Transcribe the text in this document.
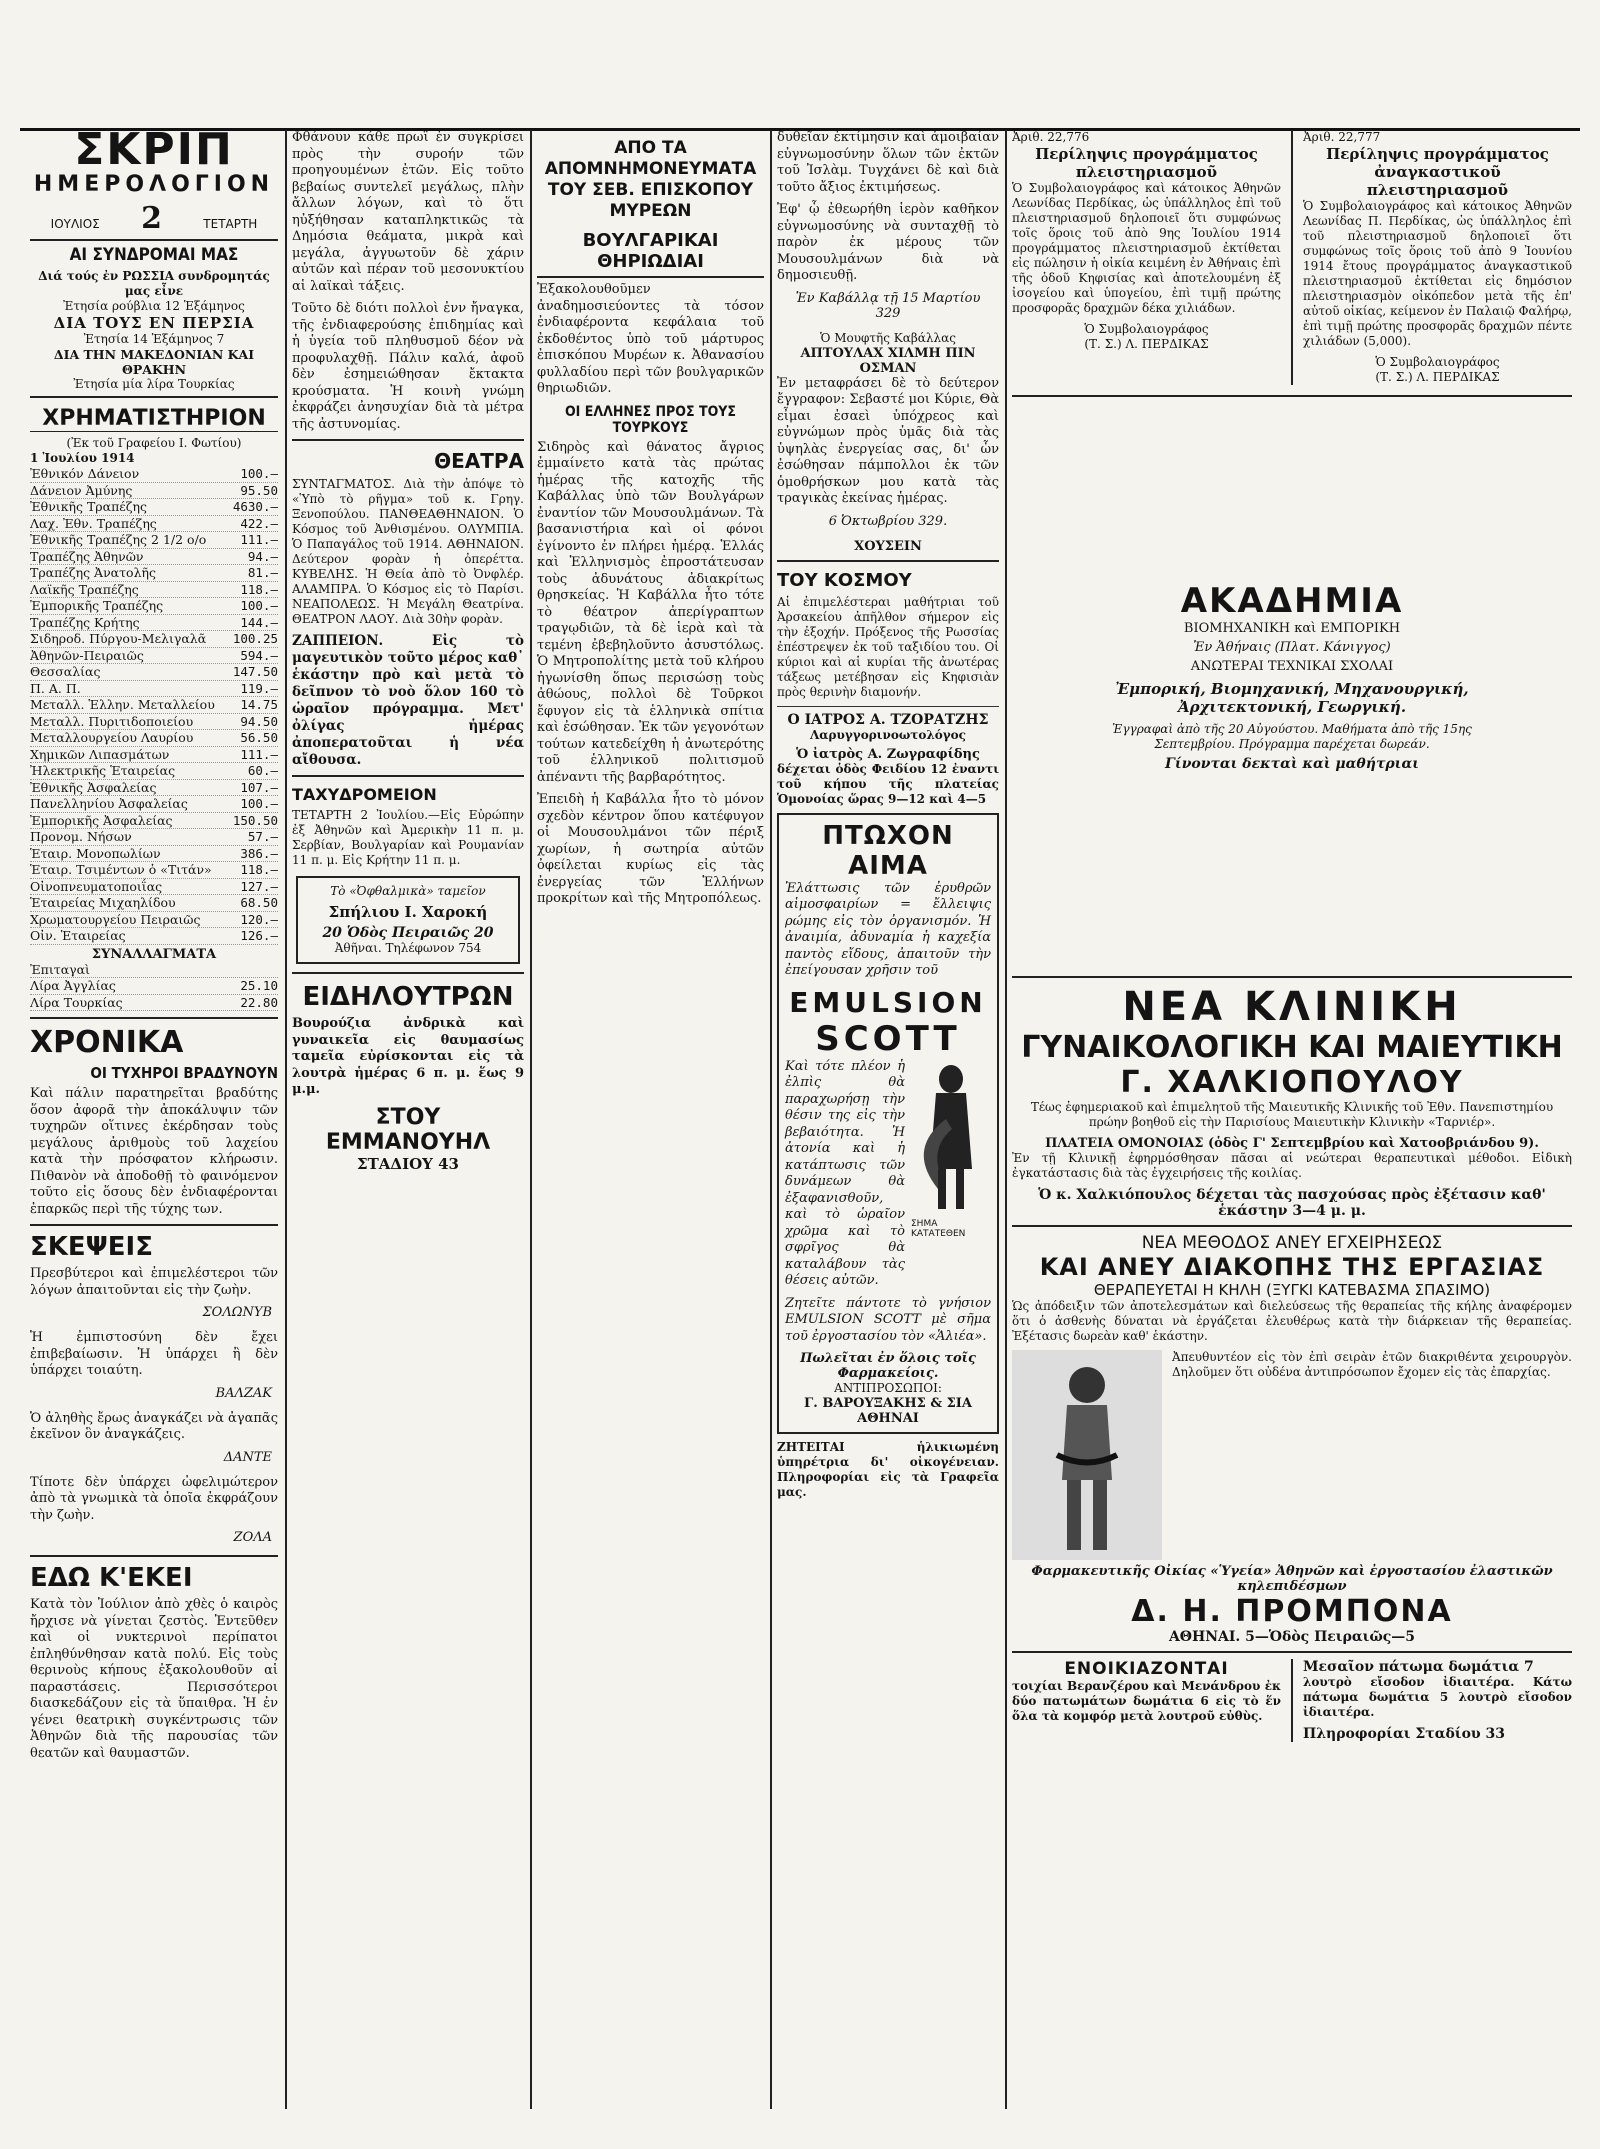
ΣΚΡΙΠ
ΗΜΕΡΟΛΟΓΙΟΝ
ΙΟΥΛΙΟΣ 2	ΤΕΤΑΡΤΗ
ΑΙ ΣΥΝΔΡΟΜΑΙ ΜΑΣ
Διά τούς ἐν ΡΩΣΣΙΑ συνδρομητάς μας εἶνε
Ἐτησία ρούβλια 12 Ἑξάμηνος
ΔΙΑ ΤΟΥΣ ΕΝ ΠΕΡΣΙΑ
Ἐτησία 14 Ἑξάμηνος 7
ΔΙΑ ΤΗΝ ΜΑΚΕΔΟΝΙΑΝ ΚΑΙ ΘΡΑΚΗΝ
Ἐτησία μία λίρα Τουρκίας
ΧΡΗΜΑΤΙΣΤΗΡΙΟΝ
(Ἐκ τοῦ Γραφείου Ι. Φωτίου)
1 Ἰουλίου 1914
Ἐθνικόν Δάνειον	100.—
Δάνειον Ἀμύνης	95.50
Ἐθνικῆς Τραπέζης	4630.—
Λαχ. Ἐθν. Τραπέζης	422.—
Ἐθνικῆς Τραπέζης 2 1/2 o/o	111.—
Τραπέζης Ἀθηνῶν	94.—
Τραπέζης Ἀνατολῆς	81.—
Λαϊκῆς Τραπέζης	118.—
Ἐμπορικῆς Τραπέζης	100.—
Τραπέζης Κρήτης	144.—
Σιδηροδ. Πύργου-Μελιγαλᾶ 100.25
Ἀθηνῶν-Πειραιῶς	594.—
Θεσσαλίας	147.50
Π. Α. Π.	119.—
Μεταλλ. Ἑλλην. Μεταλλείου 14.75
Μεταλλ. Πυριτιδοποιείου	94.50
Μεταλλουργείου Λαυρίου	56.50
Χημικῶν Λιπασμάτων	111.—
Ἠλεκτρικῆς Ἑταιρείας	60.—
Ἐθνικῆς Ἀσφαλείας	107.—
Πανελληνίου Ἀσφαλείας	100.—
Ἐμπορικῆς Ἀσφαλείας	150.50
Προνομ. Νήσων	57.—
Ἑταιρ. Μονοπωλίων	386.—
Ἑταιρ. Τσιμέντων ὁ «Τιτάν» 118.—
Οἰνοπνευματοποιΐας	127.—
Ἑταιρείας Μιχαηλίδου	68.50
Χρωματουργείου Πειραιῶς	120.—
Οἰν. Ἑταιρείας	126.—
ΣΥΝΑΛΛΑΓΜΑΤΑ
Ἐπιταγαὶ
Λίρα Ἀγγλίας	25.10
Λίρα Τουρκίας	22.80
ΧΡΟΝΙΚΑ
ΟΙ ΤΥΧΗΡΟΙ ΒΡΑΔΥΝΟΥΝ

Καὶ πάλιν παρατηρεῖται βραδύτης ὅσον ἀφορᾶ τὴν ἀποκάλυψιν τῶν τυχηρῶν οἵτινες ἐκέρδησαν τοὺς μεγάλους ἀριθμοὺς τοῦ λαχείου κατὰ τὴν πρόσφατον κλήρωσιν. Πιθανὸν νὰ ἀποδοθῇ τὸ φαινόμενον τοῦτο εἰς ὅσους δὲν ἐνδιαφέρονται ἐπαρκῶς περὶ τῆς τύχης των.

ΣΚΕΨΕΙΣ

Πρεσβύτεροι καὶ ἐπιμελέστεροι τῶν λόγων ἀπαιτοῦνται εἰς τὴν ζωὴν.

ΣΟΛΩΝΥΒ

Ἡ ἐμπιστοσύνη δὲν ἔχει ἐπιβεβαίωσιν. Ἡ ὑπάρχει ἢ δὲν ὑπάρχει τοιαύτη.

ΒΑΛΖΑΚ

Ὁ ἀληθὴς ἔρως ἀναγκάζει νὰ ἀγαπᾶς ἐκεῖνον ὃν ἀναγκάζεις.

ΔΑΝΤΕ

Τίποτε δὲν ὑπάρχει ὠφελιμώτερον ἀπὸ τὰ γνωμικὰ τὰ ὁποῖα ἐκφράζουν τὴν ζωὴν.

ΖΟΛΑ
ΕΔΩ Κ'ΕΚΕΙ

Κατὰ τὸν Ἰούλιον ἀπὸ χθὲς ὁ καιρὸς ἤρχισε νὰ γίνεται ζεστὸς. Ἐντεῦθεν καὶ οἱ νυκτερινοὶ περίπατοι ἐπληθύνθησαν κατὰ πολύ. Εἰς τοὺς θερινοὺς κήπους ἐξακολουθοῦν αἱ παραστάσεις. Περισσότεροι διασκεδάζουν εἰς τὰ ὕπαιθρα. Ἡ ἐν γένει θεατρικὴ συγκέντρωσις τῶν Ἀθηνῶν διὰ τῆς παρουσίας τῶν θεατῶν καὶ θαυμαστῶν.

Φθάνουν κάθε πρωΐ ἐν συγκρίσει πρὸς τὴν συροήν τῶν προηγουμένων ἐτῶν. Εἰς τοῦτο βεβαίως συντελεῖ μεγάλως, πλὴν ἄλλων λόγων, καὶ τὸ ὅτι ηὐξήθησαν καταπληκτικῶς τὰ Δημόσια θεάματα, μικρὰ καὶ μεγάλα, ἀγγυωτοῦν δὲ χάριν αὐτῶν καὶ πέραν τοῦ μεσονυκτίου αἱ λαϊκαὶ τάξεις.

Τοῦτο δὲ διότι πολλοὶ ἐνν ἤναγκα, τῆς ἐνδιαφερούσης ἐπιδημίας καὶ ἡ ὑγεία τοῦ πληθυσμοῦ δέον νὰ προφυλαχθῇ. Πάλιν καλά, ἀφοῦ δὲν ἐσημειώθησαν ἔκτακτα κρούσματα. Ἡ κοινὴ γνώμη ἐκφράζει ἀνησυχίαν διὰ τὰ μέτρα τῆς ἀστυνομίας.

ΘΕΑΤΡΑ

ΣΥΝΤΑΓΜΑΤΟΣ. Διὰ τὴν ἀπόψε τὸ «Ὑπὸ τὸ ρῆγμα» τοῦ κ. Γρηγ. Ξενοπούλου. ΠΑΝΘΕΑΘΗΝΑΙΟΝ. Ὁ Κόσμος τοῦ Ἀνθισμένου. ΟΛΥΜΠΙΑ. Ὁ Παπαγάλος τοῦ 1914. ΑΘΗΝΑΙΟΝ. Δεύτερον φορὰν ἡ ὀπερέττα. ΚΥΒΕΛΗΣ. Ἡ Θεία ἀπὸ τὸ Ὀνφλέρ. ΑΛΑΜΠΡΑ. Ὁ Κόσμος εἰς τὸ Παρίσι. ΝΕΑΠΟΛΕΩΣ. Ἡ Μεγάλη Θεατρίνα. ΘΕΑΤΡΟΝ ΛΑΟΥ. Διὰ 30ὴν φορὰν.

ΖΑΠΠΕΙΟΝ. Εἰς τὸ μαγευτικὸν τοῦτο μέρος καθ᾽ ἑκάστην πρὸ καὶ μετὰ τὸ δεῖπνον τὸ νοὸ ὅλον 160 τὸ ὡραῖον πρόγραμμα. Μετ' ὀλίγας ἡμέρας ἀποπερατοῦται ἡ νέα αἴθουσα.

ΤΑΧΥΔΡΟΜΕΙΟΝ

ΤΕΤΑΡΤΗ 2 Ἰουλίου.—Εἰς Εὐρώπην ἐξ Ἀθηνῶν καὶ Ἀμερικὴν 11 π. μ. Σερβίαν, Βουλγαρίαν καὶ Ρουμανίαν 11 π. μ. Εἰς Κρήτην 11 π. μ.

Τὸ «Ὀφθαλμικὰ» ταμεῖον
Σπήλιου Ι. Χαροκή
20 Ὁδὸς Πειραιῶς 20
Ἀθῆναι. Τηλέφωνον 754
ΕΙΔΗΛΟΥΤΡΩΝ

Βουρούζια ἀνδρικὰ καὶ γυναικεῖα εἰς θαυμασίως ταμεῖα εὐρίσκονται εἰς τὰ λουτρὰ ἡμέρας 6 π. μ. ἕως 9 μ.μ.

ΣΤΟΥ ΕΜΜΑΝΟΥΗΛ
ΣΤΑΔΙΟΥ 43
ΑΠΟ ΤΑ ΑΠΟΜΝΗΜΟΝΕΥΜΑΤΑ ΤΟΥ ΣΕΒ. ΕΠΙΣΚΟΠΟΥ ΜΥΡΕΩΝ
ΒΟΥΛΓΑΡΙΚΑΙ ΘΗΡΙΩΔΙΑΙ

Ἐξακολουθοῦμεν ἀναδημοσιεύοντες τὰ τόσον ἐνδιαφέροντα κεφάλαια τοῦ ἐκδοθέντος ὑπὸ τοῦ μάρτυρος ἐπισκόπου Μυρέων κ. Ἀθανασίου φυλλαδίου περὶ τῶν βουλγαρικῶν θηριωδιῶν.

ΟΙ ΕΛΛΗΝΕΣ ΠΡΟΣ ΤΟΥΣ ΤΟΥΡΚΟΥΣ

Σιδηρὸς καὶ θάνατος ἄγριος ἐμμαίνετο κατὰ τὰς πρώτας ἡμέρας τῆς κατοχῆς τῆς Καβάλλας ὑπὸ τῶν Βουλγάρων ἐναντίον τῶν Μουσουλμάνων. Τὰ βασανιστήρια καὶ οἱ φόνοι ἐγίνοντο ἐν πλήρει ἡμέρᾳ. Ἑλλάς καὶ Ἑλληνισμὸς ἐπροστάτευσαν τοὺς ἀδυνάτους ἀδιακρίτως θρησκείας. Ἡ Καβάλλα ἦτο τότε τὸ θέατρον ἀπερίγραπτων τραγῳδιῶν, τὰ δὲ ἱερὰ καὶ τὰ τεμένη ἐβεβηλοῦντο ἀσυστόλως. Ὁ Μητροπολίτης μετὰ τοῦ κλήρου ἠγωνίσθη ὅπως περισώσῃ τοὺς ἀθώους, πολλοὶ δὲ Τοῦρκοι ἔφυγον εἰς τὰ ἑλληνικὰ σπίτια καὶ ἐσώθησαν. Ἐκ τῶν γεγονότων τούτων κατεδείχθη ἡ ἀνωτερότης τοῦ ἑλληνικοῦ πολιτισμοῦ ἀπέναντι τῆς βαρβαρότητος.

Ἐπειδὴ ἡ Καβάλλα ἦτο τὸ μόνον σχεδὸν κέντρον ὅπου κατέφυγον οἱ Μουσουλμάνοι τῶν πέριξ χωρίων, ἡ σωτηρία αὐτῶν ὀφείλεται κυρίως εἰς τὰς ἐνεργείας τῶν Ἑλλήνων προκρίτων καὶ τῆς Μητροπόλεως.

δυθεῖαν ἐκτίμησιν καὶ ἀμοιβαίαν εὐγνωμοσύνην ὅλων τῶν ἐκτῶν τοῦ Ἰσλὰμ. Τυγχάνει δὲ καὶ διὰ τοῦτο ἄξιος ἐκτιμήσεως.

Ἐφ' ᾧ ἐθεωρήθη ἱερὸν καθῆκον εὐγνωμοσύνης νὰ συνταχθῇ τὸ παρὸν ἐκ μέρους τῶν Μουσουλμάνων διὰ νὰ δημοσιευθῇ.

Ἐν Καβάλλᾳ τῇ 15 Μαρτίου 329
Ὁ Μουφτῆς Καβάλλας
ΑΠΤΟΥΛΑΧ ΧΙΛΜΗ ΠΙΝ ΟΣΜΑΝ

Ἐν μεταφράσει δὲ τὸ δεύτερον ἔγγραφον: Σεβαστέ μοι Κύριε, Θὰ εἶμαι ἐσαεὶ ὑπόχρεος καὶ εὐγνώμων πρὸς ὑμᾶς διὰ τὰς ὑψηλὰς ἐνεργείας σας, δι' ὧν ἐσώθησαν πάμπολλοι ἐκ τῶν ὁμοθρήσκων μου κατὰ τὰς τραγικὰς ἐκείνας ἡμέρας.

6 Ὀκτωβρίου 329.
ΧΟΥΣΕΙΝ
ΤΟΥ ΚΟΣΜΟΥ

Αἱ ἐπιμελέστεραι μαθήτριαι τοῦ Ἀρσακείου ἀπῆλθον σήμερον εἰς τὴν ἐξοχήν. Πρόξενος τῆς Ρωσσίας ἐπέστρεψεν ἐκ τοῦ ταξιδίου του. Οἱ κύριοι καὶ αἱ κυρίαι τῆς ἀνωτέρας τάξεως μετέβησαν εἰς Κηφισιὰν πρὸς θερινὴν διαμονήν.

Ο ΙΑΤΡΟΣ Α. ΤΖΟΡΑΤΖΗΣ
Λαρυγγορινοωτολόγος
Ὁ ἰατρὸς Α. Ζωγραφίδης

δέχεται ὁδὸς Φειδίου 12 ἐναντι τοῦ κήπου τῆς πλατείας Ὁμονοίας ὥρας 9—12 καὶ 4—5

ΠΤΩΧΟΝ ΑΙΜΑ

Ἐλάττωσις τῶν ἐρυθρῶν αἱμοσφαιρίων = ἔλλειψις ρώμης εἰς τὸν ὀργανισμόν. Ἡ ἀναιμία, ἀδυναμία ἡ καχεξία παντὸς εἴδους, ἀπαιτοῦν τὴν ἐπείγουσαν χρῆσιν τοῦ

EMULSION
SCOTT

Καὶ τότε πλέον ἡ ἐλπὶς θὰ παραχωρήσῃ τὴν θέσιν της εἰς τὴν βεβαιότητα. Ἡ ἀτονία καὶ ἡ κατάπτωσις τῶν δυνάμεων θὰ ἐξαφανισθοῦν, καὶ τὸ ὡραῖον χρῶμα καὶ τὸ σφρῖγος θὰ καταλάβουν τὰς θέσεις αὐτῶν.

ΣΗΜΑ ΚΑΤΑΤΕΘΕΝ

Ζητεῖτε πάντοτε τὸ γνήσιον EMULSION SCOTT μὲ σῆμα τοῦ ἐργοστασίου τὸν «Ἁλιέα».

Πωλεῖται ἐν ὅλοις τοῖς Φαρμακείοις.
ΑΝΤΙΠΡΟΣΩΠΟΙ:
Γ. ΒΑΡΟΥΞΑΚΗΣ & ΣΙΑ ΑΘΗΝΑΙ

ΖΗΤΕΙΤΑΙ ἡλικιωμένη ὑπηρέτρια δι' οἰκογένειαν. Πληροφορίαι εἰς τὰ Γραφεῖα μας.

Ἀριθ. 22,776
Περίληψις προγράμματος πλειστηριασμοῦ

Ὁ Συμβολαιογράφος καὶ κάτοικος Ἀθηνῶν Λεωνίδας Περδίκας, ὡς ὑπάλληλος ἐπὶ τοῦ πλειστηριασμοῦ δηλοποιεῖ ὅτι συμφώνως τοῖς ὅροις τοῦ ἀπὸ 9ης Ἰουλίου 1914 προγράμματος πλειστηριασμοῦ ἐκτίθεται εἰς πώλησιν ἡ οἰκία κειμένη ἐν Ἀθήναις ἐπὶ τῆς ὁδοῦ Κηφισίας καὶ ἀποτελουμένη ἐξ ἰσογείου καὶ ὑπογείου, ἐπὶ τιμῇ πρώτης προσφορᾶς δραχμῶν δέκα χιλιάδων.

Ὁ Συμβολαιογράφος
(Τ. Σ.) Λ. ΠΕΡΔΙΚΑΣ
Ἀριθ. 22,777
Περίληψις προγράμματος ἀναγκαστικοῦ πλειστηριασμοῦ

Ὁ Συμβολαιογράφος καὶ κάτοικος Ἀθηνῶν Λεωνίδας Π. Περδίκας, ὡς ὑπάλληλος ἐπὶ τοῦ πλειστηριασμοῦ δηλοποιεῖ ὅτι συμφώνως τοῖς ὅροις τοῦ ἀπὸ 9 Ἰουνίου 1914 ἔτους προγράμματος ἀναγκαστικοῦ πλειστηριασμοῦ ἐκτίθεται εἰς δημόσιον πλειστηριασμὸν οἰκόπεδον μετὰ τῆς ἐπ' αὐτοῦ οἰκίας, κείμενον ἐν Παλαιῷ Φαλήρῳ, ἐπὶ τιμῇ πρώτης προσφορᾶς δραχμῶν πέντε χιλιάδων (5,000).

Ὁ Συμβολαιογράφος
(Τ. Σ.) Λ. ΠΕΡΔΙΚΑΣ
ΑΚΑΔΗΜΙΑ
ΒΙΟΜΗΧΑΝΙΚΗ καὶ ΕΜΠΟΡΙΚΗ
Ἐν Ἀθήναις (Πλατ. Κάνιγγος)
ΑΝΩΤΕΡΑΙ ΤΕΧΝΙΚΑΙ ΣΧΟΛΑΙ
Ἐμπορική, Βιομηχανική, Μηχανουργική, Ἀρχιτεκτονική, Γεωργική.
Ἐγγραφαὶ ἀπὸ τῆς 20 Αὐγούστου. Μαθήματα ἀπὸ τῆς 15ης Σεπτεμβρίου. Πρόγραμμα παρέχεται δωρεάν.
Γίνονται δεκταὶ καὶ μαθήτριαι
ΝΕΑ ΚΛΙΝΙΚΗ
ΓΥΝΑΙΚΟΛΟΓΙΚΗ ΚΑΙ ΜΑΙΕΥΤΙΚΗ
Γ. ΧΑΛΚΙΟΠΟΥΛΟΥ

Τέως ἐφημεριακοῦ καὶ ἐπιμελητοῦ τῆς Μαιευτικῆς Κλινικῆς τοῦ Ἐθν. Πανεπιστημίου πρώην βοηθοῦ εἰς τὴν Παρισίους Μαιευτικὴν Κλινικὴν «Ταρνιέρ».

ΠΛΑΤΕΙΑ ΟΜΟΝΟΙΑΣ (ὁδὸς Γ' Σεπτεμβρίου καὶ Χατοοβριάνδου 9).

Ἐν τῇ Κλινικῇ ἐφηρμόσθησαν πᾶσαι αἱ νεώτεραι θεραπευτικαὶ μέθοδοι. Εἰδικὴ ἐγκατάστασις διὰ τὰς ἐγχειρήσεις τῆς κοιλίας.

Ὁ κ. Χαλκιόπουλος δέχεται τὰς πασχούσας πρὸς ἐξέτασιν καθ' ἑκάστην 3—4 μ. μ.
ΝΕΑ ΜΕΘΟΔΟΣ ΑΝΕΥ ΕΓΧΕΙΡΗΣΕΩΣ
ΚΑΙ ΑΝΕΥ ΔΙΑΚΟΠΗΣ ΤΗΣ ΕΡΓΑΣΙΑΣ
ΘΕΡΑΠΕΥΕΤΑΙ Η ΚΗΛΗ (ΞΥΓΚΙ ΚΑΤΕΒΑΣΜΑ ΣΠΑΣΙΜΟ)

Ὡς ἀπόδειξιν τῶν ἀποτελεσμάτων καὶ διελεύσεως τῆς θεραπείας τῆς κήλης ἀναφέρομεν ὅτι ὁ ἀσθενὴς δύναται νὰ ἐργάζεται ἐλευθέρως κατὰ τὴν διάρκειαν τῆς θεραπείας. Ἐξέτασις δωρεὰν καθ' ἑκάστην.

Ἀπευθυντέον εἰς τὸν ἐπὶ σειρὰν ἐτῶν διακριθέντα χειρουργὸν. Δηλοῦμεν ὅτι οὐδένα ἀντιπρόσωπον ἔχομεν εἰς τὰς ἐπαρχίας.

Φαρμακευτικῆς Οἰκίας «Ὑγεία» Ἀθηνῶν καὶ ἐργοστασίου ἐλαστικῶν κηλεπιδέσμων
Δ. Η. ΠΡΟΜΠΟΝΑ
ΑΘΗΝΑΙ. 5—Ὁδὸς Πειραιῶς—5
ΕΝΟΙΚΙΑΖΟΝΤΑΙ

τοιχίαι Βερανζέρου καὶ Μενάνδρου ἐκ δύο πατωμάτων δωμάτια 6 εἰς τὸ ἕν ὅλα τὰ κομφόρ μετὰ λουτροῦ εὐθὺς.

Μεσαῖον πάτωμα δωμάτια 7

λουτρὸ εἴσοδον ἰδιαιτέρα. Κάτω πάτωμα δωμάτια 5 λουτρὸ εἴσοδον ἰδιαιτέρα.

Πληροφορίαι Σταδίου 33
